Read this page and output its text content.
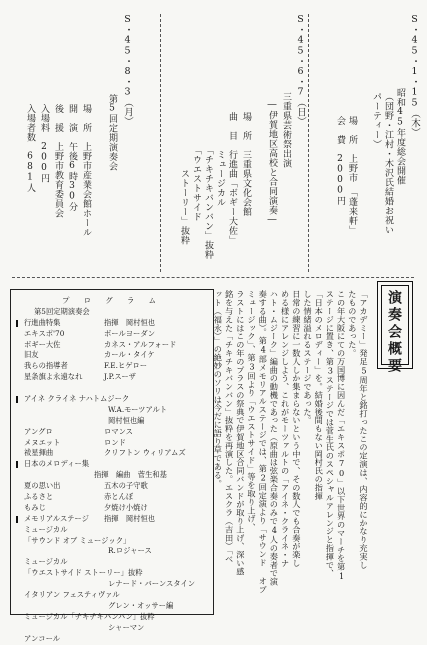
S・45・1・15（木）
昭和45年度総会開催
（団野・江村・木沢氏結婚お祝い
パーティー）
場　所　上野市　「蓬来軒」
会　費　2000円
S・45・6・7（日）
三重県芸術祭出演
―伊賀地区高校と合同演奏―
場　所　三重県文化会館
曲　目　行進曲「ボギー大佐」
　　　　ミュージカル
　　　　「チキチキバンバン」抜粋
　　　　「ウエストサイド
　　　　　　ストーリー」抜粋
S・45・8・3（月）
第5回定期演奏会
場　所　上野市産業会館ホール
開　演　午後6時30分
後　援　上野市教育委員会
入場料　200円
入場者数　681人
プ ロ グ ラ ム
第5回定期演奏会
行進曲特集	指揮　岡村恒也
エキスポ'70	ボールヨーダン
ボギー大佐	カネス・アルフォード
旧友	カール・タイケ
我らの指導者	F.E.ヒゲロー
星条旗よ永遠なれ	J.P.スーザ
アイネ クライネ ナハトムジーク
W.A.モーツアルト
岡村恒也編
アングロ	ロマンス
メヌエット	ロンド
祓星揮曲	クリフトン ウィリアムズ
日本のメロディー集
指揮　編曲　菅生和基
夏の思い出	五木の子守歌
ふるさと	赤とんぼ
もみじ	夕焼け小焼け
メモリアルステージ 指揮　岡村恒也
ミュージカル
「サウンド オブ ミュージック」
R.ロジャース
ミュージカル
「ウエストサイド ストーリー」抜粋
レナード・バーンスタイン
イタリアン フェスティヴァル
グレン・オッサー編
ミュージカル「チキチキバンバン」抜粋
シャーマン
アンコール
演奏会概要
「アカデミー」発足5周年と銘打ったこの定演は、内容的にかなり充実し
たものであった。
この年大阪にての万国博に因んだ「エキスポ70」以下世界のマーチを第1
ステージに置き、第3ステージでは菅生氏のスペシャルアレンジと指揮で、
「日本のメロディー」を。結婚後間もない岡村氏の指揮
した情緒溢れるステージであった。
日常の練習に一数人しか集まらないという中で、その数人でも合奏が楽し
める様にアレンジしよう、これがモーツァルトの「アイネ・クライネ・ナ
ハト・ムジーク」編曲の動機であった（原曲は弦楽合奏のみで4人の奏者で演
奏する曲）。第4部メモリアルステージでは、第2回定演より「サウンド オブ
ミュージック」、第3回より「ウエストサイド」等を取り上げ、
ラストにはこの年のプラスの祭典で伊賀地区合同バンドが取り上げ、深い感
銘を与えた「チキチキバンバン」抜粋を再演した。エスクラ（吉田）「ベ
ット（福永）」の絶妙のソリは今だに語り草である。
